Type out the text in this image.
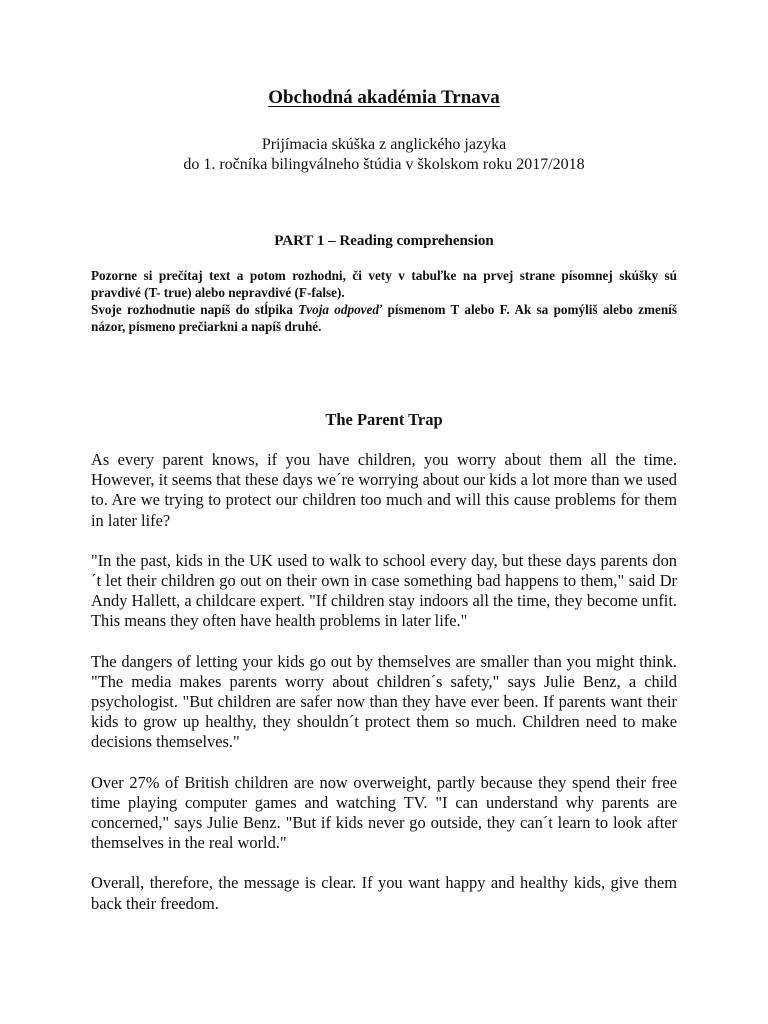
Obchodná akadémia Trnava
Prijímacia skúška z anglického jazyka
do 1. ročníka bilingválneho štúdia v školskom roku 2017/2018
PART 1 – Reading comprehension

Pozorne si prečítaj text a potom rozhodni, či vety v tabuľke na prvej strane písomnej skúšky sú pravdivé (T- true) alebo nepravdivé (F-false).

Svoje rozhodnutie napíš do stĺpika Tvoja odpoveď písmenom T alebo F. Ak sa pomýliš alebo zmeníš názor, písmeno prečiarkni a napíš druhé.

The Parent Trap

As every parent knows, if you have children, you worry about them all the time. However, it seems that these days we´re worrying about our kids a lot more than we used to. Are we trying to protect our children too much and will this cause problems for them in later life?

"In the past, kids in the UK used to walk to school every day, but these days parents don´t let their children go out on their own in case something bad happens to them," said Dr Andy Hallett, a childcare expert. "If children stay indoors all the time, they become unfit. This means they often have health problems in later life."

The dangers of letting your kids go out by themselves are smaller than you might think. "The media makes parents worry about children´s safety," says Julie Benz, a child psychologist. "But children are safer now than they have ever been. If parents want their kids to grow up healthy, they shouldn´t protect them so much. Children need to make decisions themselves."

Over 27% of British children are now overweight, partly because they spend their free time playing computer games and watching TV. "I can understand why parents are concerned," says Julie Benz. "But if kids never go outside, they can´t learn to look after themselves in the real world."

Overall, therefore, the message is clear. If you want happy and healthy kids, give them back their freedom.
